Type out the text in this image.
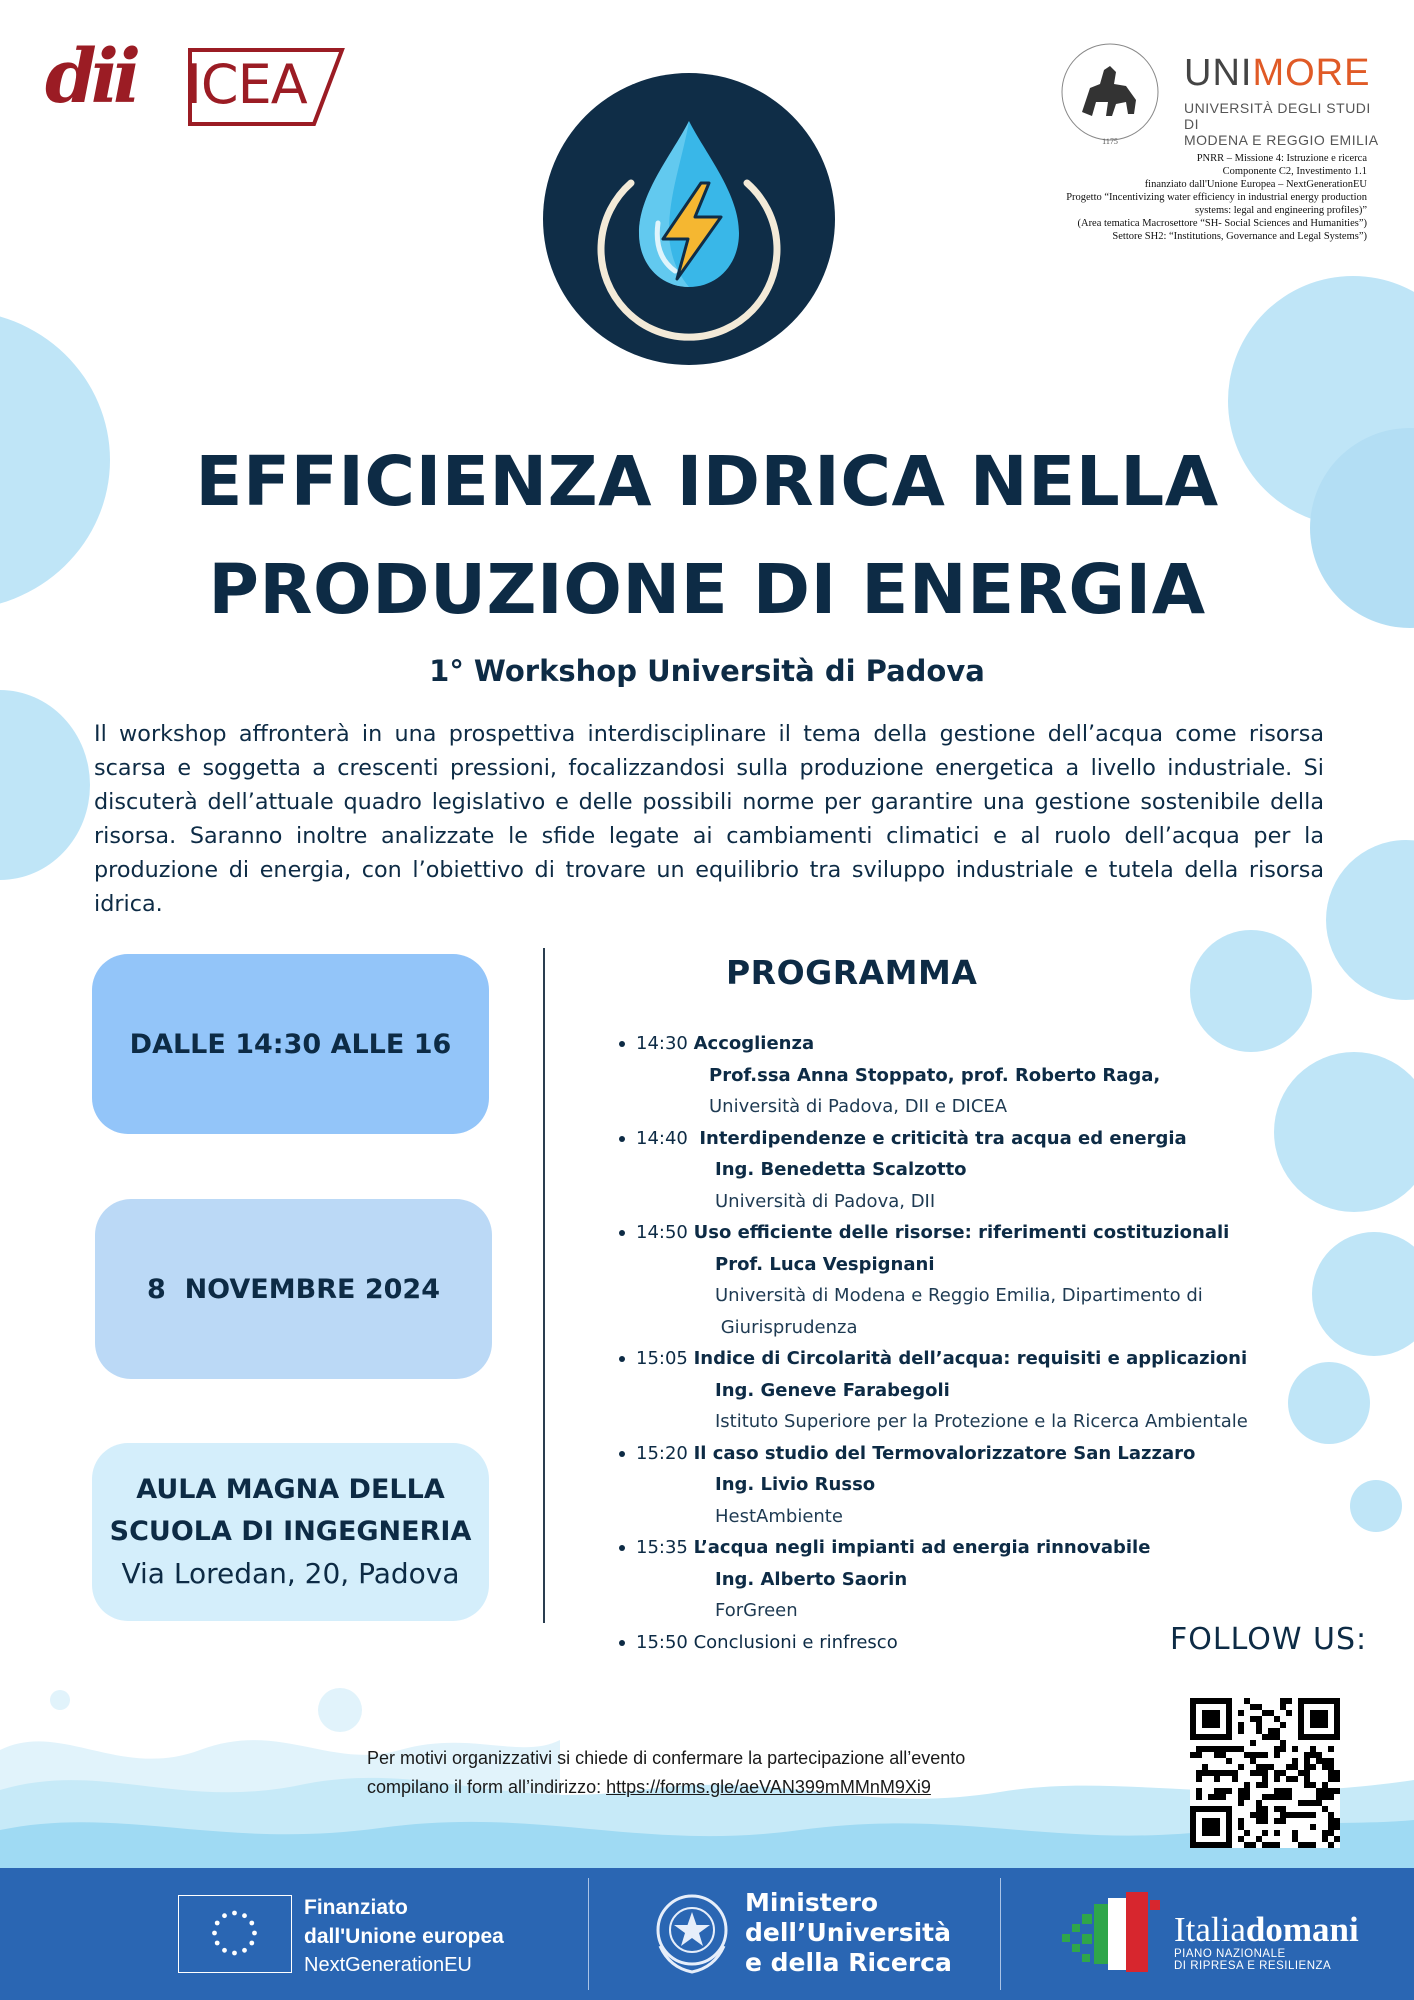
dii ICEA
1175
UNIMORE
UNIVERSITÀ DEGLI STUDI DI
MODENA E REGGIO EMILIA
PNRR – Missione 4: Istruzione e ricerca
Componente C2, Investimento 1.1
finanziato dall'Unione Europea – NextGenerationEU
Progetto “Incentivizing water efficiency in industrial energy production
systems: legal and engineering profiles)”
(Area tematica Macrosettore “SH- Social Sciences and Humanities”)
Settore SH2: “Institutions, Governance and Legal Systems”)
EFFICIENZA IDRICA NELLA
PRODUZIONE DI ENERGIA
1° Workshop Università di Padova
Il workshop affronterà in una prospettiva interdisciplinare il tema della gestione dell’acqua come risorsa scarsa e soggetta a crescenti pressioni, focalizzandosi sulla produzione energetica a livello industriale. Si discuterà dell’attuale quadro legislativo e delle possibili norme per garantire una gestione sostenibile della risorsa. Saranno inoltre analizzate le sfide legate ai cambiamenti climatici e al ruolo dell’acqua per la produzione di energia, con l’obiettivo di trovare un equilibrio tra sviluppo industriale e tutela della risorsa idrica.
DALLE 14:30 ALLE 16
8  NOVEMBRE 2024
AULA MAGNA DELLA
SCUOLA DI INGEGNERIA
Via Loredan, 20, Padova
PROGRAMMA
14:30 Accoglienza
Prof.ssa Anna Stoppato, prof. Roberto Raga,
Università di Padova, DII e DICEA
14:40  Interdipendenze e criticità tra acqua ed energia
Ing. Benedetta Scalzotto
Università di Padova, DII
14:50 Uso efficiente delle risorse: riferimenti costituzionali
Prof. Luca Vespignani
Università di Modena e Reggio Emilia, Dipartimento di
Giurisprudenza
15:05 Indice di Circolarità dell’acqua: requisiti e applicazioni
Ing. Geneve Farabegoli
Istituto Superiore per la Protezione e la Ricerca Ambientale
15:20 Il caso studio del Termovalorizzatore San Lazzaro
Ing. Livio Russo
HestAmbiente
15:35 L’acqua negli impianti ad energia rinnovabile
Ing. Alberto Saorin
ForGreen
15:50 Conclusioni e rinfresco	FOLLOW US:
Per motivi organizzativi si chiede di confermare la partecipazione all’evento
compilano il form all’indirizzo: https://forms.gle/aeVAN399mMMnM9Xi9
Finanziato
dall'Unione europea
NextGenerationEU
Ministero
dell’Università
e della Ricerca
Italiadomani
PIANO NAZIONALE
DI RIPRESA E RESILIENZA
